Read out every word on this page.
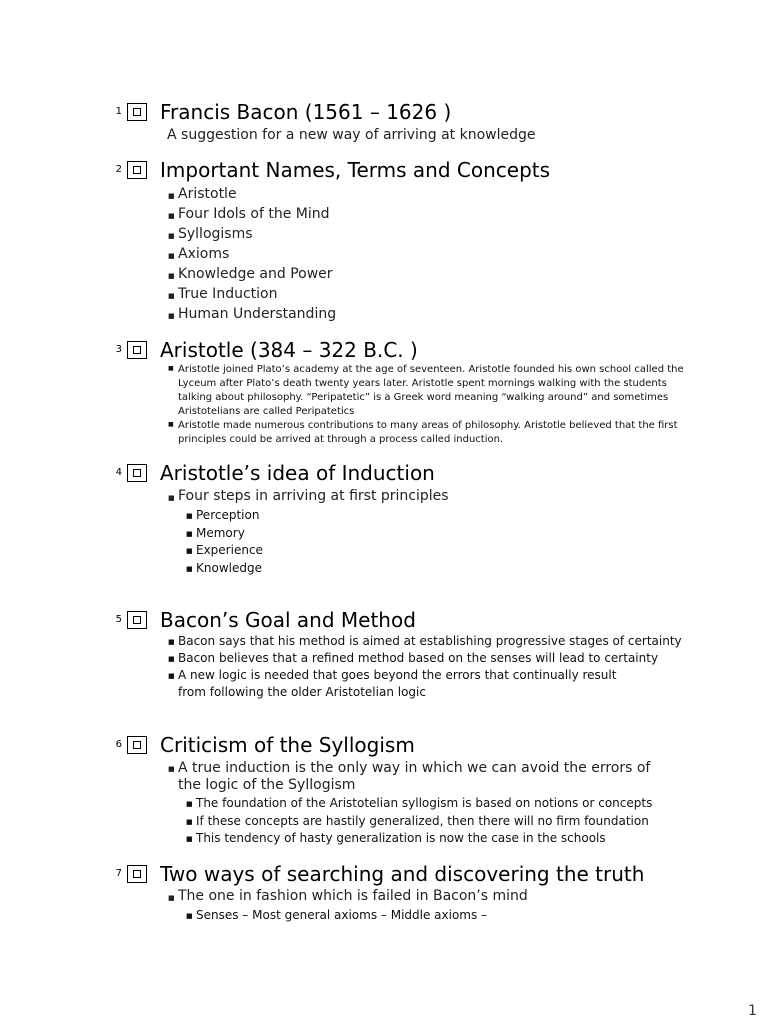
1 Francis Bacon (1561 – 1626 )
A suggestion for a new way of arriving at knowledge
2 Important Names, Terms and Concepts
■ Aristotle
■ Four Idols of the Mind
■ Syllogisms
■ Axioms
■ Knowledge and Power
■ True Induction
■ Human Understanding
3 Aristotle (384 – 322 B.C. )
■ Aristotle joined Plato’s academy at the age of seventeen. Aristotle founded his own school called the Lyceum after Plato’s death twenty years later. Aristotle spent mornings walking with the students talking about philosophy. “Peripatetic” is a Greek word meaning “walking around” and sometimes Aristotelians are called Peripatetics
■ Aristotle made numerous contributions to many areas of philosophy. Aristotle believed that the first principles could be arrived at through a process called induction.
4 Aristotle’s idea of Induction
■ Four steps in arriving at first principles
■ Perception
■ Memory
■ Experience
■ Knowledge
5 Bacon’s Goal and Method
■ Bacon says that his method is aimed at establishing progressive stages of certainty
■ Bacon believes that a refined method based on the senses will lead to certainty
■ A new logic is needed that goes beyond the errors that continually result from following the older Aristotelian logic
6 Criticism of the Syllogism
■ A true induction is the only way in which we can avoid the errors of the logic of the Syllogism
■ The foundation of the Aristotelian syllogism is based on notions or concepts
■ If these concepts are hastily generalized, then there will no firm foundation
■ This tendency of hasty generalization is now the case in the schools
7 Two ways of searching and discovering the truth
■ The one in fashion which is failed in Bacon’s mind
■ Senses – Most general axioms – Middle axioms –
1
